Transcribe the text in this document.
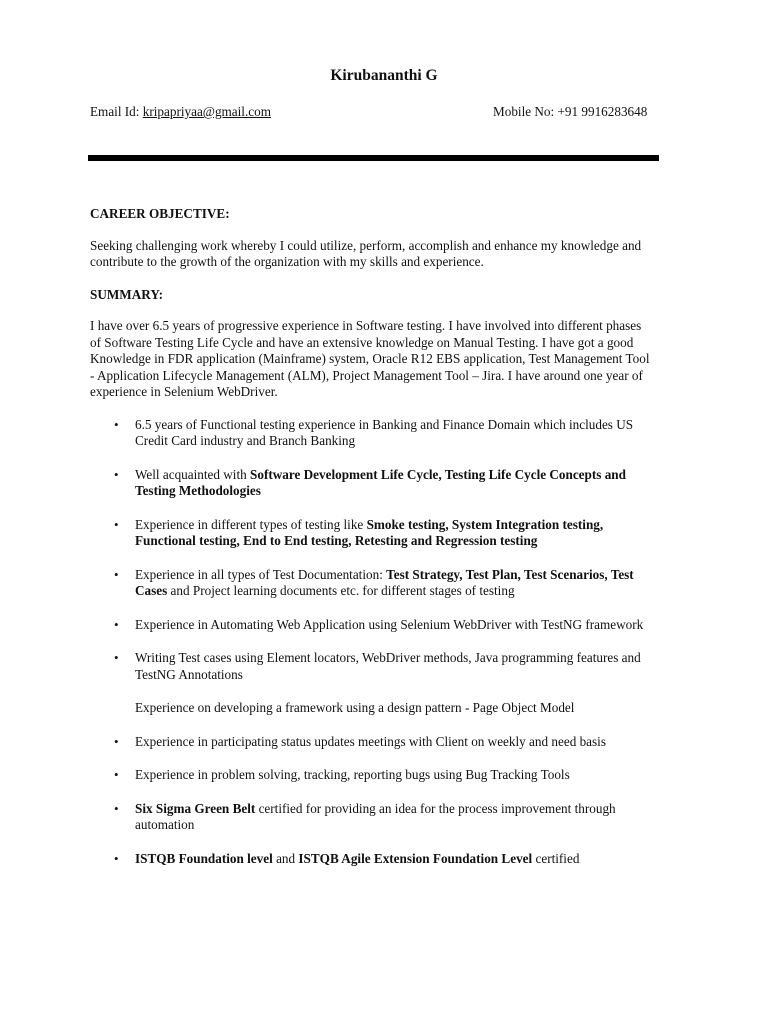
Kirubananthi G
Email Id: kripapriyaa@gmail.com	Mobile No: +91 9916283648
CAREER OBJECTIVE:

Seeking challenging work whereby I could utilize, perform, accomplish and enhance my knowledge and

contribute to the growth of the organization with my skills and experience.

SUMMARY:

I have over 6.5 years of progressive experience in Software testing. I have involved into different phases

of Software Testing Life Cycle and have an extensive knowledge on Manual Testing. I have got a good

Knowledge in FDR application (Mainframe) system, Oracle R12 EBS application, Test Management Tool

- Application Lifecycle Management (ALM), Project Management Tool – Jira. I have around one year of

experience in Selenium WebDriver.

• 6.5 years of Functional testing experience in Banking and Finance Domain which includes US
Credit Card industry and Branch Banking
• Well acquainted with Software Development Life Cycle, Testing Life Cycle Concepts and
Testing Methodologies
• Experience in different types of testing like Smoke testing, System Integration testing,
Functional testing, End to End testing, Retesting and Regression testing
• Experience in all types of Test Documentation: Test Strategy, Test Plan, Test Scenarios, Test
Cases and Project learning documents etc. for different stages of testing
• Experience in Automating Web Application using Selenium WebDriver with TestNG framework
• Writing Test cases using Element locators, WebDriver methods, Java programming features and
TestNG Annotations
Experience on developing a framework using a design pattern - Page Object Model
• Experience in participating status updates meetings with Client on weekly and need basis
• Experience in problem solving, tracking, reporting bugs using Bug Tracking Tools
• Six Sigma Green Belt certified for providing an idea for the process improvement through
automation
• ISTQB Foundation level and ISTQB Agile Extension Foundation Level certified
